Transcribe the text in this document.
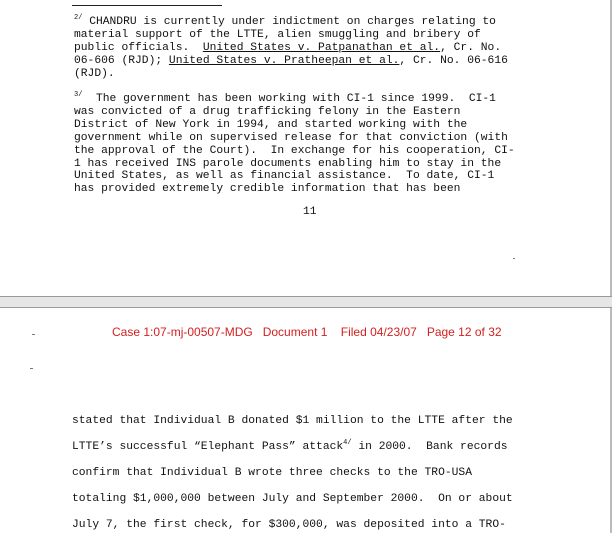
$^{2/}$ CHANDRU is currently under indictment on charges relating to
material support of the LTTE, alien smuggling and bribery of
public officials.  United States v. Patpanathan et al., Cr. No.
06-606 (RJD); United States v. Pratheepan et al., Cr. No. 06-616
(RJD).

$^{3/}$  The government has been working with CI-1 since 1999.  CI-1
was convicted of a drug trafficking felony in the Eastern
District of New York in 1994, and started working with the
government while on supervised release for that conviction (with
the approval of the Court).  In exchange for his cooperation, CI-
1 has received INS parole documents enabling him to stay in the
United States, as well as financial assistance.  To date, CI-1
has provided extremely credible information that has been

11
Case 1:07-mj-00507-MDG   Document 1    Filed 04/23/07   Page 12 of 32

stated that Individual B donated $1 million to the LTTE after the
LTTE’s successful “Elephant Pass” attack$^{4/}$ in 2000.  Bank records
confirm that Individual B wrote three checks to the TRO-USA
totaling $1,000,000 between July and September 2000.  On or about
July 7, the first check, for $300,000, was deposited into a TRO-
